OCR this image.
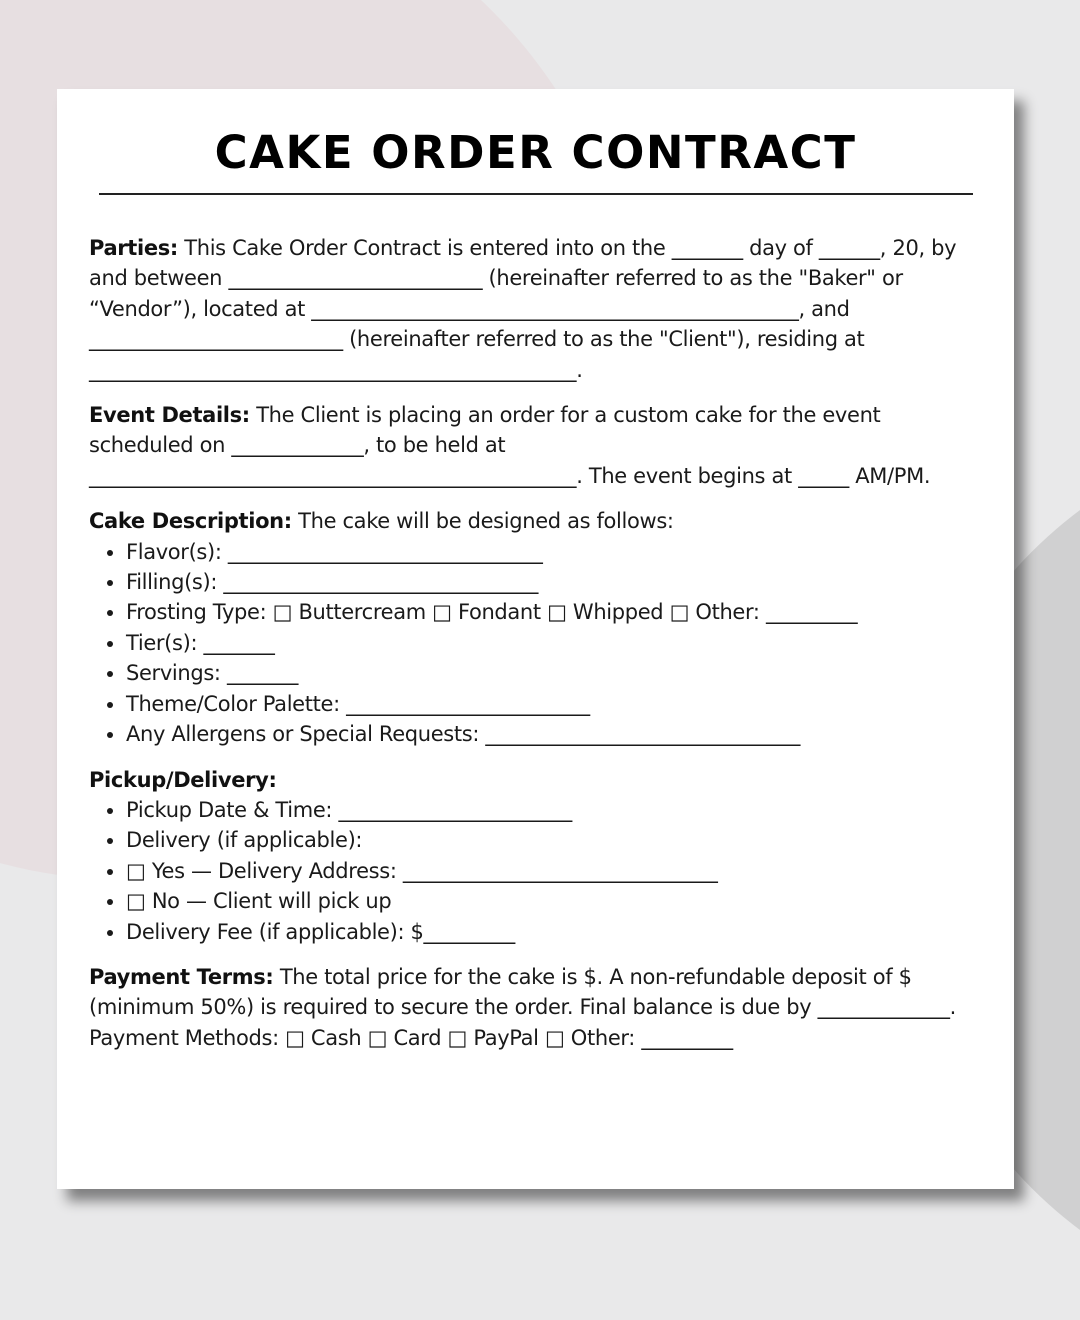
CAKE ORDER CONTRACT

Parties: This Cake Order Contract is entered into on the _______ day of ______, 20, by and between _________________________ (hereinafter referred to as the "Baker" or “Vendor”), located at ________________________________________________, and _________________________ (hereinafter referred to as the "Client"), residing at ________________________________________________.

Event Details: The Client is placing an order for a custom cake for the event scheduled on _____________, to be held at ________________________________________________. The event begins at _____ AM/PM.

Cake Description: The cake will be designed as follows:

• Flavor(s): _______________________________
• Filling(s): _______________________________
• Frosting Type: □ Buttercream □ Fondant □ Whipped □ Other: _________
• Tier(s): _______
• Servings: _______
• Theme/Color Palette: ________________________
• Any Allergens or Special Requests: _______________________________

Pickup/Delivery:

• Pickup Date & Time: _______________________
• Delivery (if applicable):
• □ Yes — Delivery Address: _______________________________
• □ No — Client will pick up
• Delivery Fee (if applicable): $_________

Payment Terms: The total price for the cake is $. A non-refundable deposit of $ (minimum 50%) is required to secure the order. Final balance is due by _____________. Payment Methods: □ Cash □ Card □ PayPal □ Other: _________
